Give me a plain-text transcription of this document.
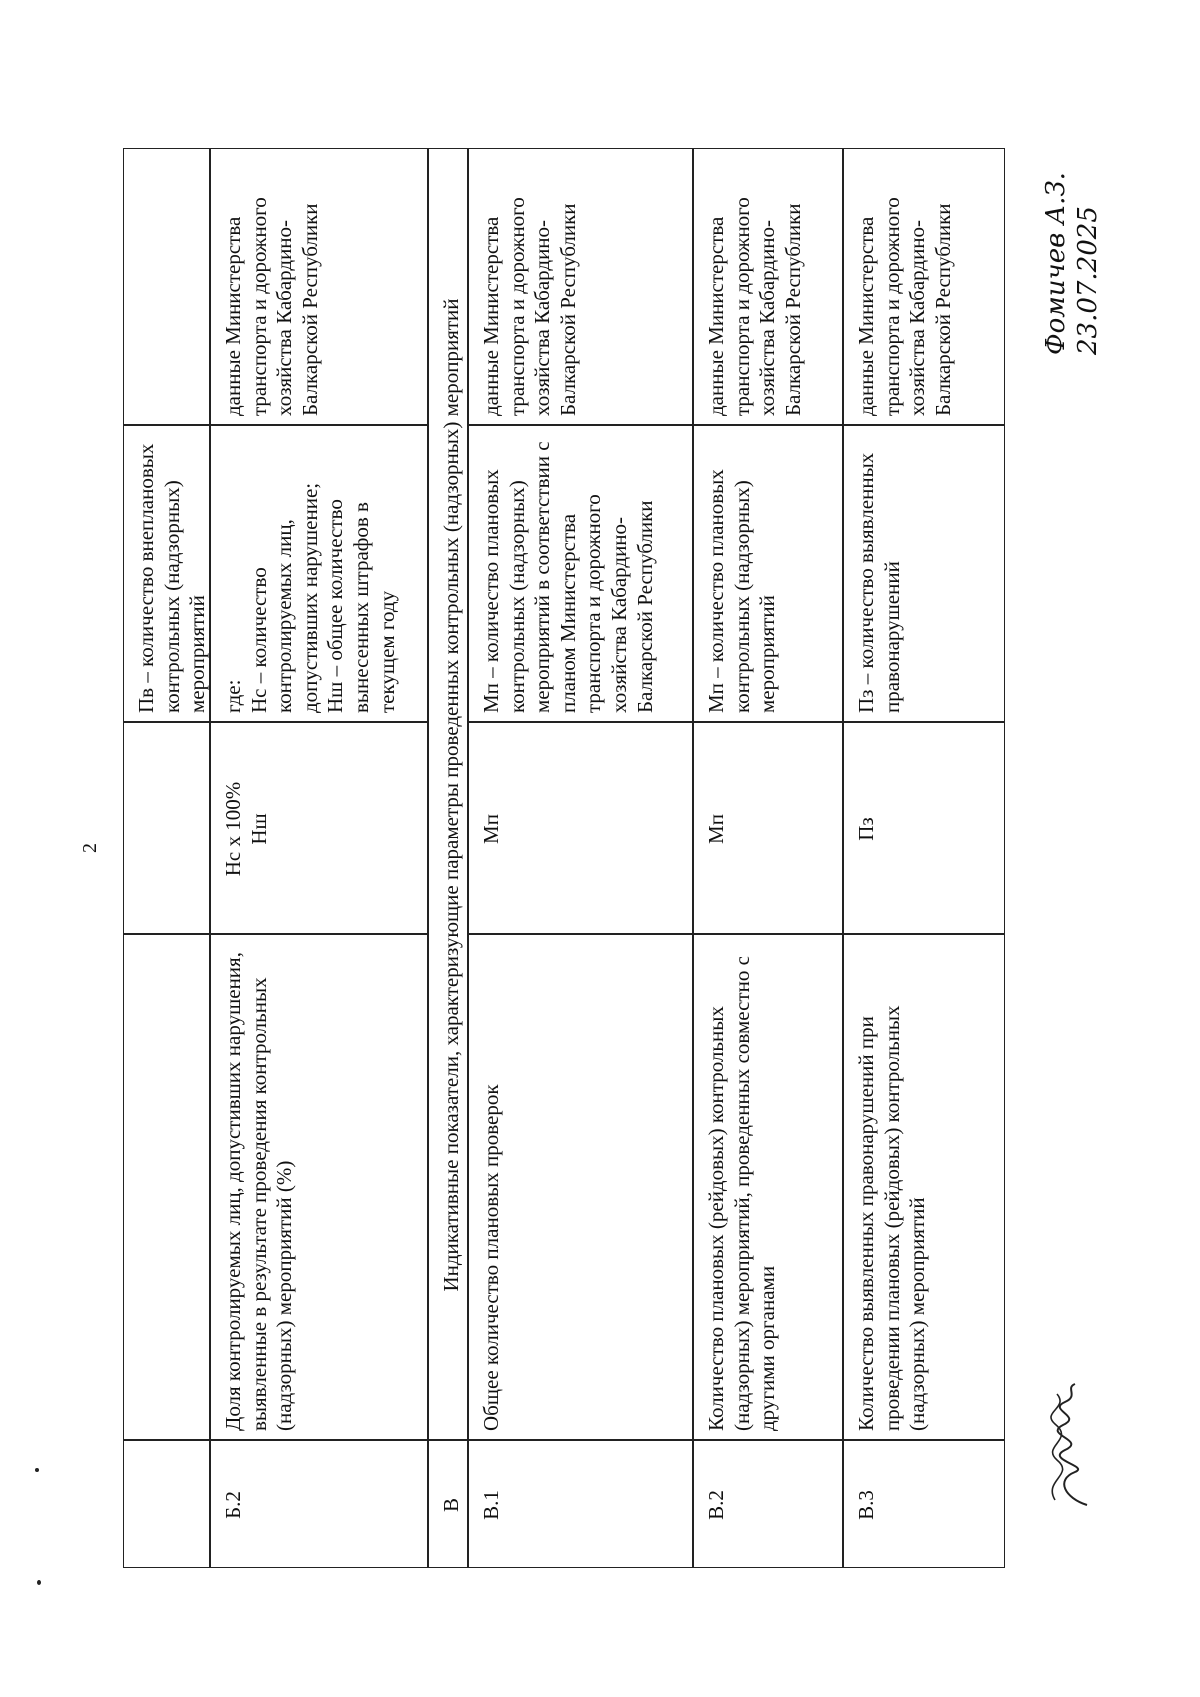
2
Пв – количество внеплановых контрольных (надзорных) мероприятий
Б.2
Доля контролируемых лиц, допустивших нарушения, выявленные в результате проведения контрольных (надзорных) мероприятий (%)
Нс х 100% Нш
где: Нс – количество контролируемых лиц, допустивших нарушение; Нш – общее количество вынесенных штрафов в текущем году
данные Министерства транспорта и дорожного хозяйства Кабардино-Балкарской Республики
В
Индикативные показатели, характеризующие параметры проведенных контрольных (надзорных) мероприятий
В.1
Общее количество плановых проверок
Мп
Мп – количество плановых контрольных (надзорных) мероприятий в соответствии с планом Министерства транспорта и дорожного хозяйства Кабардино-Балкарской Республики
данные Министерства транспорта и дорожного хозяйства Кабардино-Балкарской Республики
В.2
Количество плановых (рейдовых) контрольных (надзорных) мероприятий, проведенных совместно с другими органами
Мп
Мп – количество плановых контрольных (надзорных) мероприятий
данные Министерства транспорта и дорожного хозяйства Кабардино-Балкарской Республики
В.3
Количество выявленных правонарушений при проведении плановых (рейдовых) контрольных (надзорных) мероприятий
Пз
Пз – количество выявленных правонарушений
данные Министерства транспорта и дорожного хозяйства Кабардино-Балкарской Республики	Фомичев А.З. 23.07.2025
